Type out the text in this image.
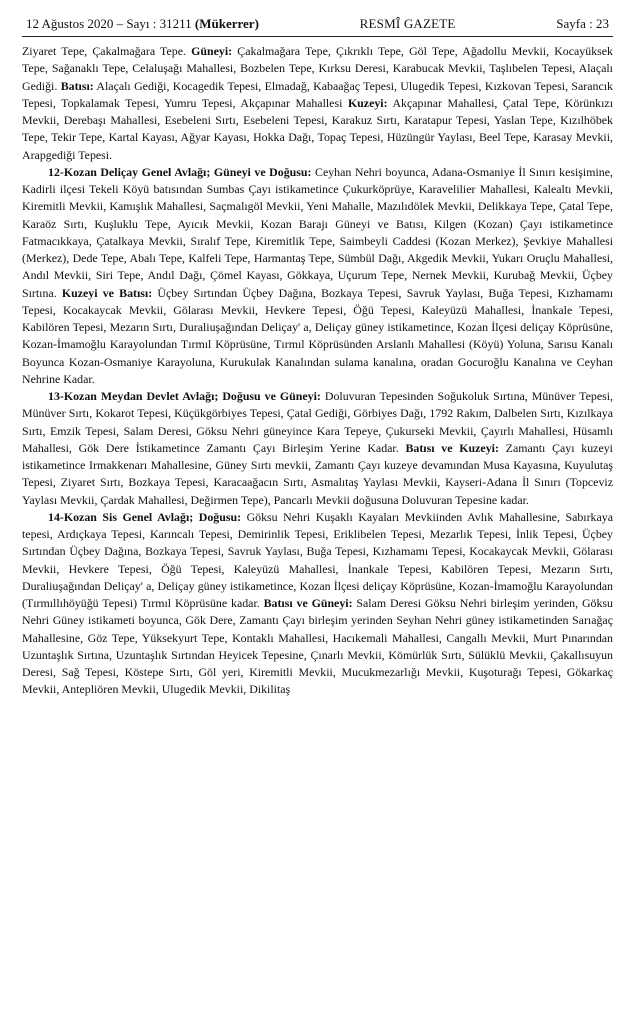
12 Ağustos 2020 – Sayı : 31211 (Mükerrer)	RESMÎ GAZETE	Sayfa : 23

Ziyaret Tepe, Çakalmağara Tepe. Güneyi: Çakalmağara Tepe, Çıkrıklı Tepe, Göl Tepe, Ağadollu Mevkii, Kocayüksek Tepe, Sağanaklı Tepe, Celaluşağı Mahallesi, Bozbelen Tepe, Kırksu Deresi, Karabucak Mevkii, Taşlıbelen Tepesi, Alaçalı Gediği. Batısı: Alaçalı Gediği, Kocagedik Tepesi, Elmadağ, Kabaağaç Tepesi, Ulugedik Tepesi, Kızkovan Tepesi, Sarancık Tepesi, Topkalamak Tepesi, Yumru Tepesi, Akçapınar Mahallesi Kuzeyi: Akçapınar Mahallesi, Çatal Tepe, Körünkızı Mevkii, Derebaşı Mahallesi, Esebeleni Sırtı, Esebeleni Tepesi, Karakuz Sırtı, Karatapur Tepesi, Yaslan Tepe, Kızılhöbek Tepe, Tekir Tepe, Kartal Kayası, Ağyar Kayası, Hokka Dağı, Topaç Tepesi, Hüzüngür Yaylası, Beel Tepe, Karasay Mevkii, Arapgediği Tepesi.

12-Kozan Deliçay Genel Avlağı; Güneyi ve Doğusu: Ceyhan Nehri boyunca, Adana-Osmaniye İl Sınırı kesişimine, Kadirli ilçesi Tekeli Köyü batısından Sumbas Çayı istikametince Çukurköprüye, Karavelilier Mahallesi, Kalealtı Mevkii, Kiremitli Mevkii, Kamışlık Mahallesi, Saçmalıgöl Mevkii, Yeni Mahalle, Mazılıdölek Mevkii, Delikkaya Tepe, Çatal Tepe, Karaöz Sırtı, Kuşluklu Tepe, Ayıcık Mevkii, Kozan Barajı Güneyi ve Batısı, Kilgen (Kozan) Çayı istikametince Fatmacıkkaya, Çatalkaya Mevkii, Sıralıf Tepe, Kiremitlik Tepe, Saimbeyli Caddesi (Kozan Merkez), Şevkiye Mahallesi (Merkez), Dede Tepe, Abalı Tepe, Kalfeli Tepe, Harmantaş Tepe, Sümbül Dağı, Akgedik Mevkii, Yukarı Oruçlu Mahallesi, Andıl Mevkii, Siri Tepe, Andıl Dağı, Çömel Kayası, Gökkaya, Uçurum Tepe, Nernek Mevkii, Kurubağ Mevkii, Üçbey Sırtına. Kuzeyi ve Batısı: Üçbey Sırtından Üçbey Dağına, Bozkaya Tepesi, Savruk Yaylası, Buğa Tepesi, Kızhamamı Tepesi, Kocakaycak Mevkii, Gölarası Mevkii, Hevkere Tepesi, Öğü Tepesi, Kaleyüzü Mahallesi, İnankale Tepesi, Kabilören Tepesi, Mezarın Sırtı, Duraliuşağından Deliçay' a, Deliçay güney istikametince, Kozan İlçesi deliçay Köprüsüne, Kozan-İmamoğlu Karayolundan Tırmıl Köprüsüne, Tırmıl Köprüsünden Arslanlı Mahallesi (Köyü) Yoluna, Sarısu Kanalı Boyunca Kozan-Osmaniye Karayoluna, Kurukulak Kanalından sulama kanalına, oradan Gocuroğlu Kanalına ve Ceyhan Nehrine Kadar.

13-Kozan Meydan Devlet Avlağı; Doğusu ve Güneyi: Doluvuran Tepesinden Soğukoluk Sırtına, Münüver Tepesi, Münüver Sırtı, Kokarot Tepesi, Küçükgörbiyes Tepesi, Çatal Gediği, Görbiyes Dağı, 1792 Rakım, Dalbelen Sırtı, Kızılkaya Sırtı, Emzik Tepesi, Salam Deresi, Göksu Nehri güneyince Kara Tepeye, Çukurseki Mevkii, Çayırlı Mahallesi, Hüsamlı Mahallesi, Gök Dere İstikametince Zamantı Çayı Birleşim Yerine Kadar. Batısı ve Kuzeyi: Zamantı Çayı kuzeyi istikametince Irmakkenarı Mahallesine, Güney Sırtı mevkii, Zamantı Çayı kuzeye devamından Musa Kayasına, Kuyulutaş Tepesi, Ziyaret Sırtı, Bozkaya Tepesi, Karacaağacın Sırtı, Asmalıtaş Yaylası Mevkii, Kayseri-Adana İl Sınırı (Topceviz Yaylası Mevkii, Çardak Mahallesi, Değirmen Tepe), Pancarlı Mevkii doğusuna Doluvuran Tepesine kadar.

14-Kozan Sis Genel Avlağı; Doğusu: Göksu Nehri Kuşaklı Kayaları Mevkiinden Avlık Mahallesine, Sabırkaya tepesi, Ardıçkaya Tepesi, Karıncalı Tepesi, Demirinlik Tepesi, Eriklibelen Tepesi, Mezarlık Tepesi, İnlik Tepesi, Üçbey Sırtından Üçbey Dağına, Bozkaya Tepesi, Savruk Yaylası, Buğa Tepesi, Kızhamamı Tepesi, Kocakaycak Mevkii, Gölarası Mevkii, Hevkere Tepesi, Öğü Tepesi, Kaleyüzü Mahallesi, İnankale Tepesi, Kabilören Tepesi, Mezarın Sırtı, Duraliuşağından Deliçay' a, Deliçay güney istikametince, Kozan İlçesi deliçay Köprüsüne, Kozan-İmamoğlu Karayolundan (Tırmıllıhöyüğü Tepesi) Tırmıl Köprüsüne kadar. Batısı ve Güneyi: Salam Deresi Göksu Nehri birleşim yerinden, Göksu Nehri Güney istikameti boyunca, Gök Dere, Zamantı Çayı birleşim yerinden Seyhan Nehri güney istikametinden Sarıağaç Mahallesine, Göz Tepe, Yüksekyurt Tepe, Kontaklı Mahallesi, Hacıkemali Mahallesi, Cangallı Mevkii, Murt Pınarından Uzuntaşlık Sırtına, Uzuntaşlık Sırtından Heyicek Tepesine, Çınarlı Mevkii, Kömürlük Sırtı, Sülüklü Mevkii, Çakallısuyun Deresi, Sağ Tepesi, Köstepe Sırtı, Göl yeri, Kiremitli Mevkii, Mucukmezarlığı Mevkii, Kuşoturağı Tepesi, Gökarkaç Mevkii, Antepliören Mevkii, Ulugedik Mevkii, Dikilitaş
